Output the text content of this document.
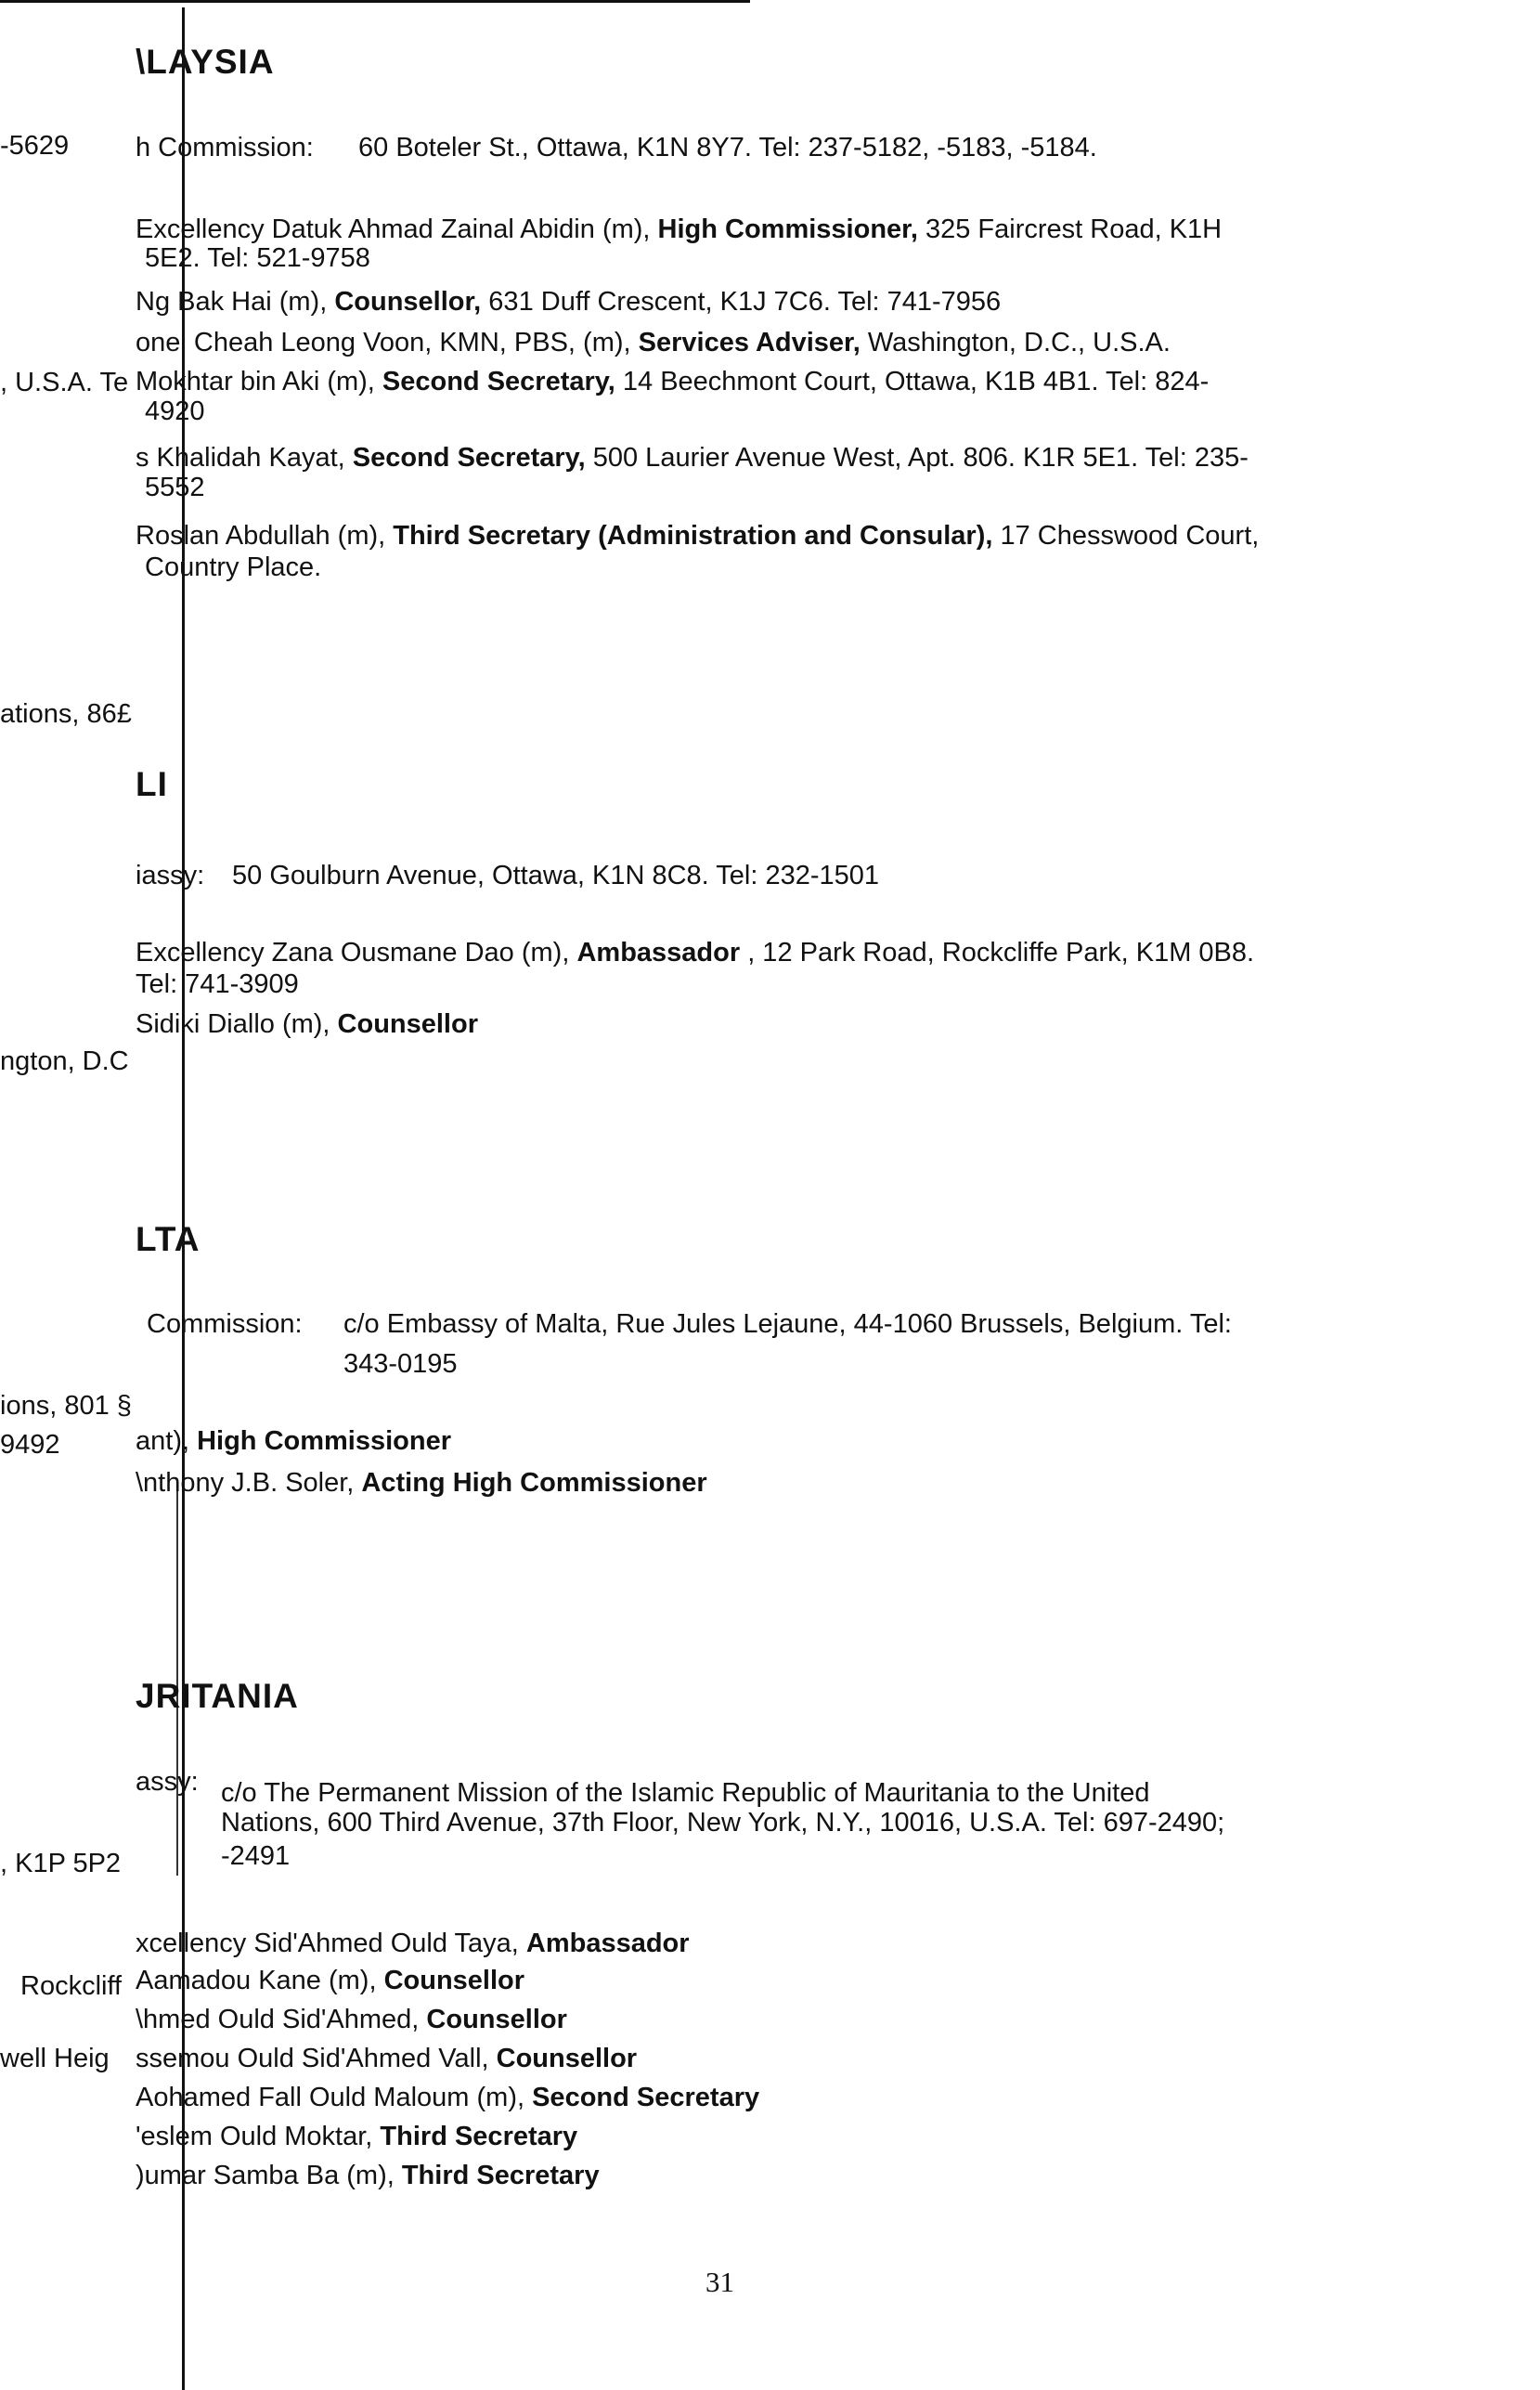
-5629
, U.S.A. Te
ations, 86£
ngton, D.C
ions, 801 §
9492
, K1P 5P2
Rockcliff
well Heig
\LAYSIA
h Commission: 60 Boteler St., Ottawa, K1N 8Y7. Tel: 237-5182, -5183, -5184.
Excellency Datuk Ahmad Zainal Abidin (m), High Commissioner, 325 Faircrest Road, K1H
5E2. Tel: 521-9758
Ng Bak Hai (m), Counsellor, 631 Duff Crescent, K1J 7C6. Tel: 741-7956
onel Cheah Leong Voon, KMN, PBS, (m), Services Adviser, Washington, D.C., U.S.A.
Mokhtar bin Aki (m), Second Secretary, 14 Beechmont Court, Ottawa, K1B 4B1. Tel: 824-
4920
s Khalidah Kayat, Second Secretary, 500 Laurier Avenue West, Apt. 806. K1R 5E1. Tel: 235-
5552
Roslan Abdullah (m), Third Secretary (Administration and Consular), 17 Chesswood Court,
Country Place.
LI
iassy: 50 Goulburn Avenue, Ottawa, K1N 8C8. Tel: 232-1501
Excellency Zana Ousmane Dao (m), Ambassador , 12 Park Road, Rockcliffe Park, K1M 0B8.
Tel: 741-3909
Sidiki Diallo (m), Counsellor
LTA
Commission: c/o Embassy of Malta, Rue Jules Lejaune, 44-1060 Brussels, Belgium. Tel:
343-0195
ant), High Commissioner
\nthony J.B. Soler, Acting High Commissioner
JRITANIA
assy: c/o The Permanent Mission of the Islamic Republic of Mauritania to the United
Nations, 600 Third Avenue, 37th Floor, New York, N.Y., 10016, U.S.A. Tel: 697-2490;
-2491
xcellency Sid'Ahmed Ould Taya, Ambassador
Aamadou Kane (m), Counsellor
\hmed Ould Sid'Ahmed, Counsellor
ssemou Ould Sid'Ahmed Vall, Counsellor
Aohamed Fall Ould Maloum (m), Second Secretary
'eslem Ould Moktar, Third Secretary
)umar Samba Ba (m), Third Secretary
31
